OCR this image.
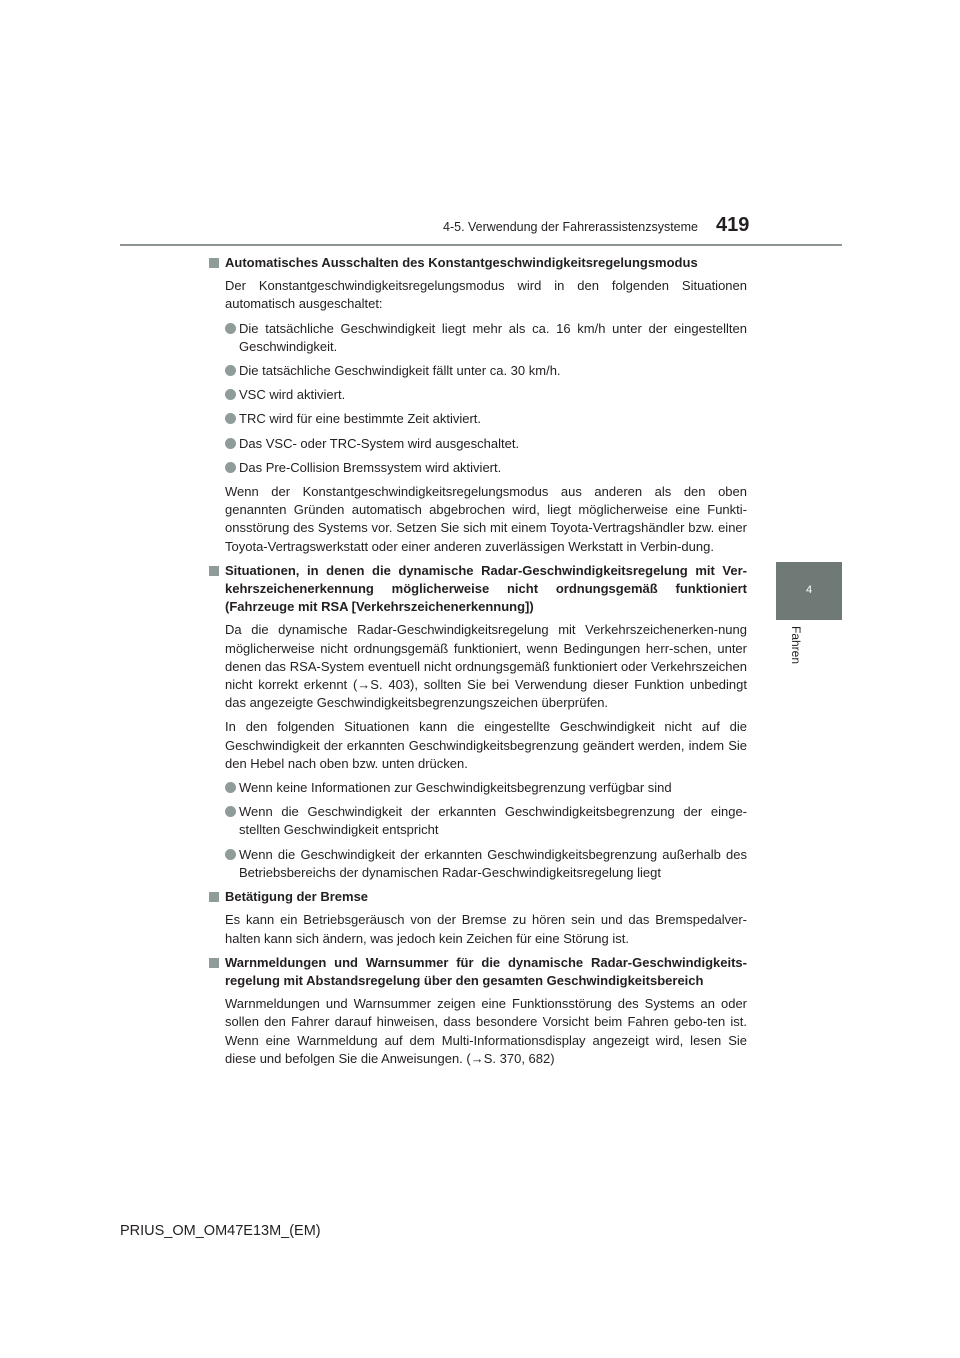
4-5. Verwendung der Fahrerassistenzsysteme 419
4
Fahren
Automatisches Ausschalten des Konstantgeschwindigkeitsregelungsmodus
Der Konstantgeschwindigkeitsregelungsmodus wird in den folgenden Situationen automatisch ausgeschaltet:
Die tatsächliche Geschwindigkeit liegt mehr als ca. 16 km/h unter der eingestellten Geschwindigkeit.
Die tatsächliche Geschwindigkeit fällt unter ca. 30 km/h.
VSC wird aktiviert.
TRC wird für eine bestimmte Zeit aktiviert.
Das VSC- oder TRC-System wird ausgeschaltet.
Das Pre-Collision Bremssystem wird aktiviert.
Wenn der Konstantgeschwindigkeitsregelungsmodus aus anderen als den oben genannten Gründen automatisch abgebrochen wird, liegt möglicherweise eine Funkti-onsstörung des Systems vor. Setzen Sie sich mit einem Toyota-Vertragshändler bzw. einer Toyota-Vertragswerkstatt oder einer anderen zuverlässigen Werkstatt in Verbin-dung.
Situationen, in denen die dynamische Radar-Geschwindigkeitsregelung mit Ver-kehrszeichenerkennung möglicherweise nicht ordnungsgemäß funktioniert (Fahrzeuge mit RSA [Verkehrszeichenerkennung])
Da die dynamische Radar-Geschwindigkeitsregelung mit Verkehrszeichenerken-nung möglicherweise nicht ordnungsgemäß funktioniert, wenn Bedingungen herr-schen, unter denen das RSA-System eventuell nicht ordnungsgemäß funktioniert oder Verkehrszeichen nicht korrekt erkennt (→S. 403), sollten Sie bei Verwendung dieser Funktion unbedingt das angezeigte Geschwindigkeitsbegrenzungszeichen überprüfen.
In den folgenden Situationen kann die eingestellte Geschwindigkeit nicht auf die Geschwindigkeit der erkannten Geschwindigkeitsbegrenzung geändert werden, indem Sie den Hebel nach oben bzw. unten drücken.
Wenn keine Informationen zur Geschwindigkeitsbegrenzung verfügbar sind
Wenn die Geschwindigkeit der erkannten Geschwindigkeitsbegrenzung der einge-stellten Geschwindigkeit entspricht
Wenn die Geschwindigkeit der erkannten Geschwindigkeitsbegrenzung außerhalb des Betriebsbereichs der dynamischen Radar-Geschwindigkeitsregelung liegt
Betätigung der Bremse
Es kann ein Betriebsgeräusch von der Bremse zu hören sein und das Bremspedalver-halten kann sich ändern, was jedoch kein Zeichen für eine Störung ist.
Warnmeldungen und Warnsummer für die dynamische Radar-Geschwindigkeits-regelung mit Abstandsregelung über den gesamten Geschwindigkeitsbereich
Warnmeldungen und Warnsummer zeigen eine Funktionsstörung des Systems an oder sollen den Fahrer darauf hinweisen, dass besondere Vorsicht beim Fahren gebo-ten ist. Wenn eine Warnmeldung auf dem Multi-Informationsdisplay angezeigt wird, lesen Sie diese und befolgen Sie die Anweisungen. (→S. 370, 682)
PRIUS_OM_OM47E13M_(EM)
